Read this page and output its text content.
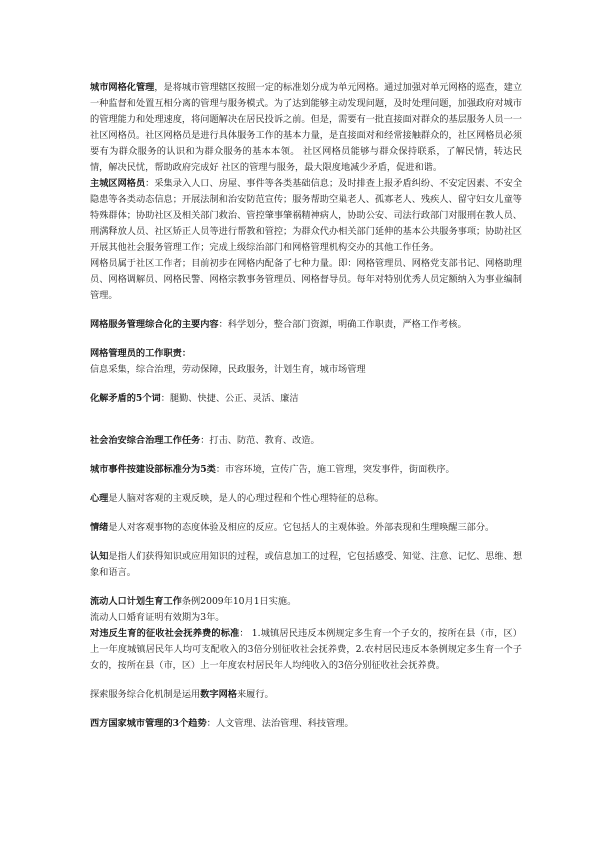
城市网格化管理，是将城市管理辖区按照一定的标准划分成为单元网格。通过加强对单元网格的巡查，建立一种监督和处置互相分离的管理与服务模式。为了达到能够主动发现问题，及时处理问题，加强政府对城市的管理能力和处理速度，将问题解决在居民投诉之前。但是，需要有一批直接面对群众的基层服务人员一一社区网格员。社区网格员是进行具体服务工作的基本力量，是直接面对和经常接触群众的，社区网格员必须要有为群众服务的认识和为群众服务的基本本领。 社区网格员能够与群众保持联系，了解民情，转达民情，解决民忧，帮助政府完成好 社区的管理与服务，最大限度地减少矛盾，促进和谐。

主城区网格员：采集录入人口、房屋、事件等各类基础信息；及时排查上报矛盾纠纷、不安定因素、不安全隐患等各类动态信息；开展法制和治安防范宣传；服务帮助空巢老人、孤寡老人、残疾人、留守妇女儿童等特殊群体；协助社区及相关部门救治、管控肇事肇祸精神病人，协助公安、司法行政部门对服刑在教人员、刑满释放人员、社区矫正人员等进行帮教和管控；为群众代办相关部门延伸的基本公共服务事项；协助社区开展其他社会服务管理工作；完成上级综治部门和网格管理机构交办的其他工作任务。

网格员属于社区工作者；目前初步在网格内配备了七种力量。即：网格管理员、网格党支部书记、网格助理员、网格调解员、网格民警、网格宗教事务管理员、网格督导员。每年对特别优秀人员定额纳入为事业编制管理。

网格服务管理综合化的主要内容：科学划分，整合部门资源，明确工作职责，严格工作考核。

网格管理员的工作职责：

信息采集，综合治理，劳动保障，民政服务，计划生育，城市场管理

化解矛盾的5个词：腿勤、快捷、公正、灵活、廉洁

社会治安综合治理工作任务：打击、防范、教育、改造。

城市事件按建设部标准分为5类：市容环境，宣传广告，施工管理，突发事件，街面秩序。

心理是人脑对客观的主观反映，是人的心理过程和个性心理特征的总称。

情绪是人对客观事物的态度体验及相应的反应。它包括人的主观体验。外部表现和生理唤醒三部分。

认知是指人们获得知识或应用知识的过程，或信息加工的过程，它包括感受、知觉、注意、记忆、思维、想象和语言。

流动人口计划生育工作条例2009年10月1日实施。

流动人口婚育证明有效期为3年。

对违反生育的征收社会抚养费的标准： 1.城镇居民违反本例规定多生育一个子女的，按所在县（市，区）上一年度城镇居民年人均可支配收入的3倍分别征收社会抚养费，2.农村居民违反本条例规定多生育一个子女的，按所在县（市，区）上一年度农村居民年人均纯收入的3倍分别征收社会抚养费。

探索服务综合化机制是运用数字网格来履行。

西方国家城市管理的3个趋势：人文管理、法治管理、科技管理。
